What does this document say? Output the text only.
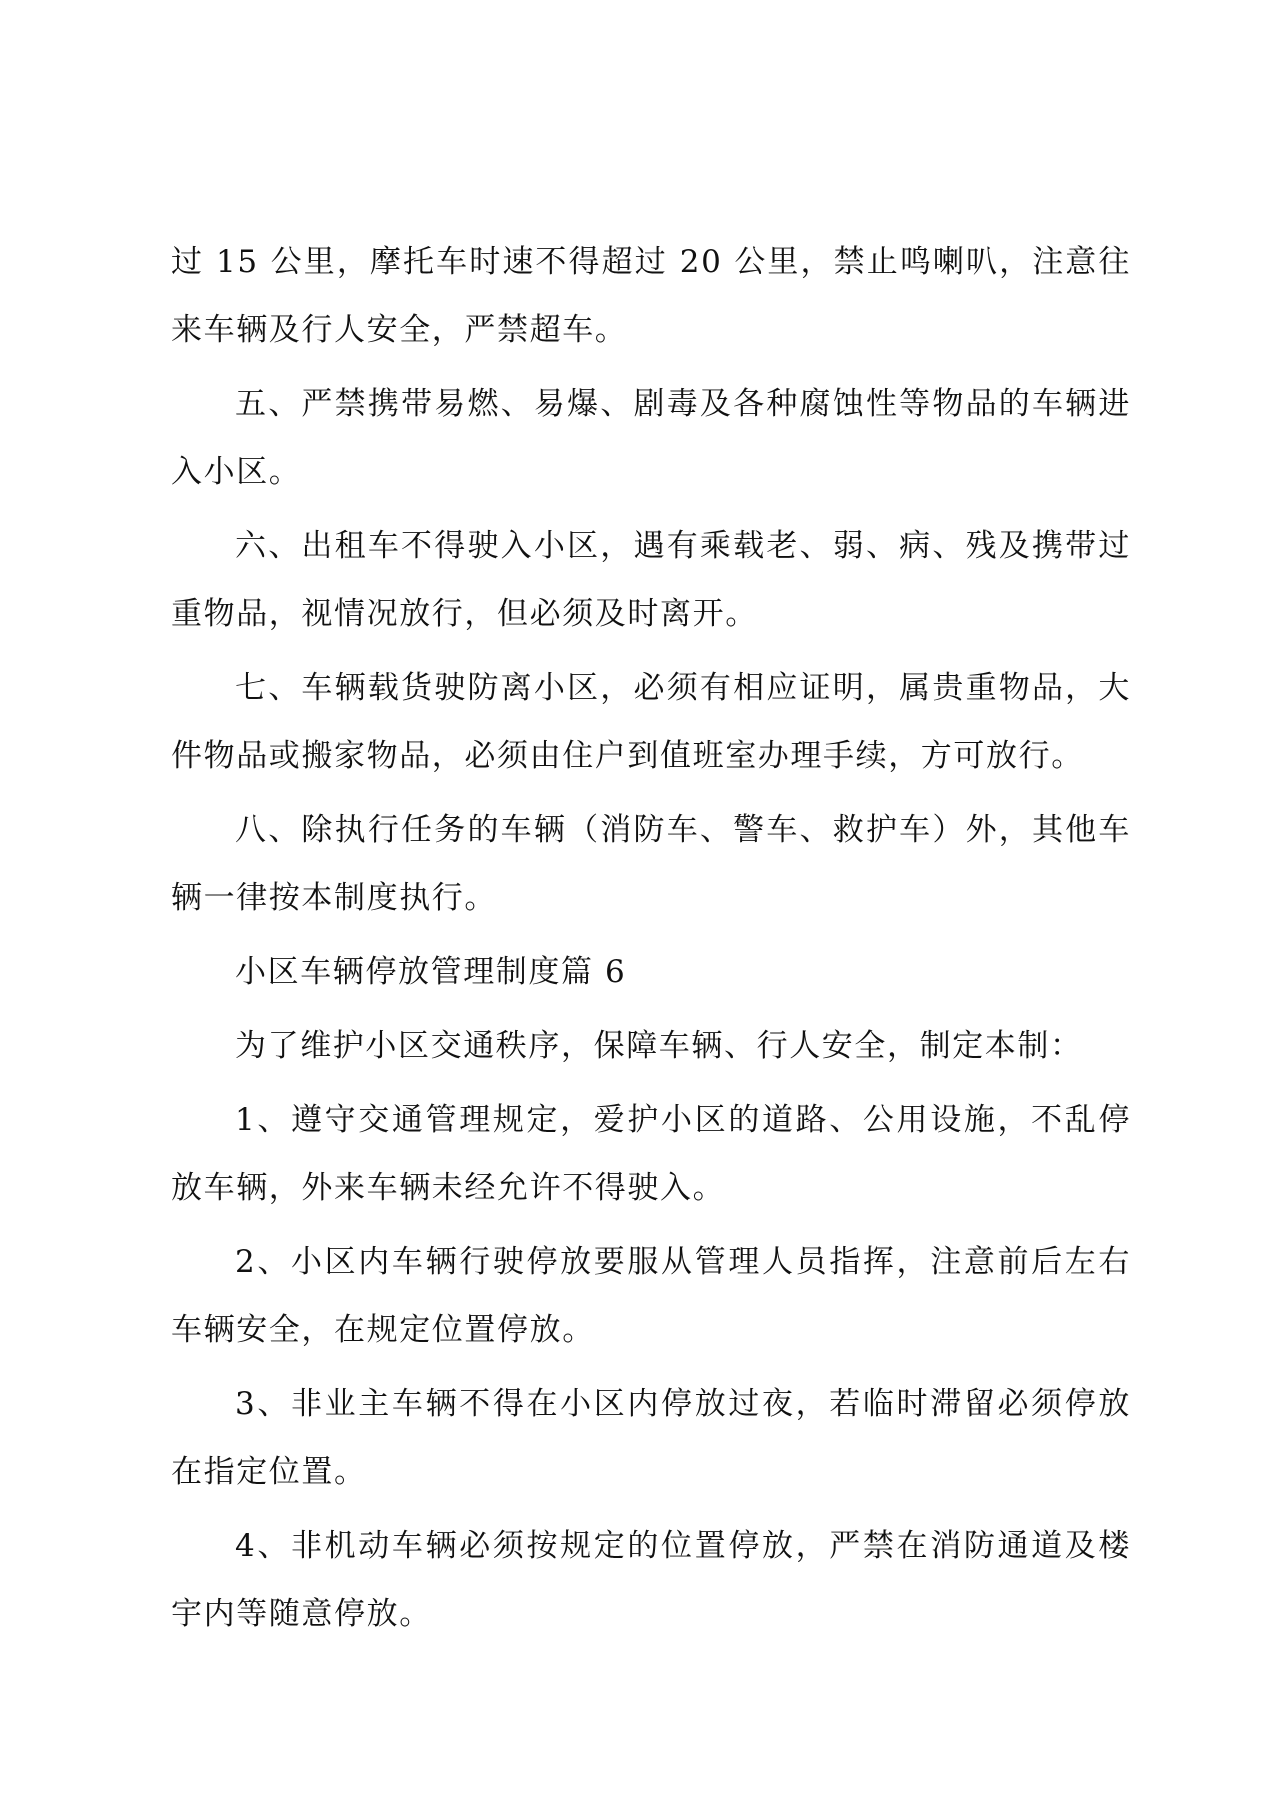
过 15 公里，摩托车时速不得超过 20 公里，禁止鸣喇叭，注意往来车辆及行人安全，严禁超车。

五、严禁携带易燃、易爆、剧毒及各种腐蚀性等物品的车辆进入小区。

六、出租车不得驶入小区，遇有乘载老、弱、病、残及携带过重物品，视情况放行，但必须及时离开。

七、车辆载货驶防离小区，必须有相应证明，属贵重物品，大件物品或搬家物品，必须由住户到值班室办理手续，方可放行。

八、除执行任务的车辆（消防车、警车、救护车）外，其他车辆一律按本制度执行。

小区车辆停放管理制度篇 6

为了维护小区交通秩序，保障车辆、行人安全，制定本制：

1、遵守交通管理规定，爱护小区的道路、公用设施，不乱停放车辆，外来车辆未经允许不得驶入。

2、小区内车辆行驶停放要服从管理人员指挥，注意前后左右车辆安全，在规定位置停放。

3、非业主车辆不得在小区内停放过夜，若临时滞留必须停放在指定位置。

4、非机动车辆必须按规定的位置停放，严禁在消防通道及楼宇内等随意停放。
